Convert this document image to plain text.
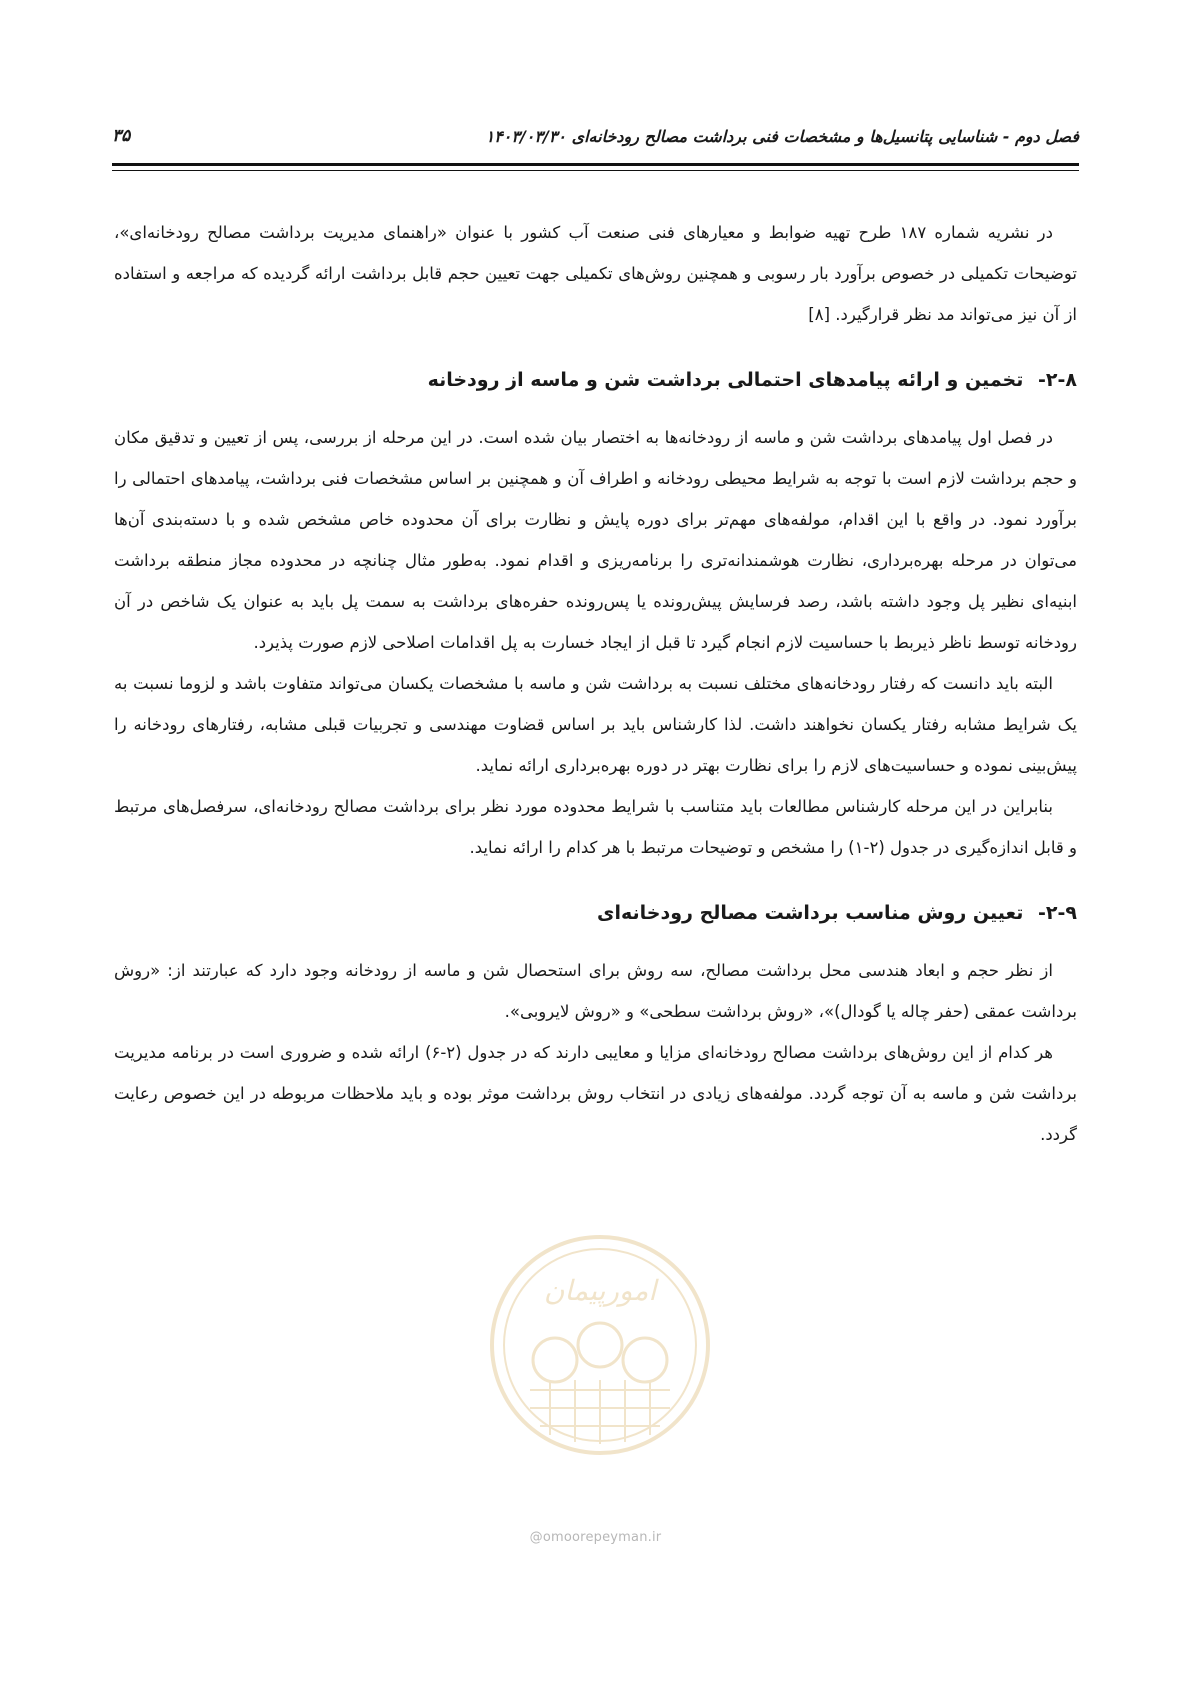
فصل دوم - شناسایی پتانسیل‌ها و مشخصات فنی برداشت مصالح رودخانه‌ای ۱۴۰۳/۰۳/۳۰
۳۵

در نشریه شماره ۱۸۷ طرح تهیه ضوابط و معیارهای فنی صنعت آب کشور با عنوان «راهنمای مدیریت برداشت مصالح رودخانه‌ای»، توضیحات تکمیلی در خصوص برآورد بار رسوبی و همچنین روش‌های تکمیلی جهت تعیین حجم قابل برداشت ارائه گردیده که مراجعه و استفاده از آن نیز می‌تواند مد نظر قرارگیرد. [۸]

۲-۸- تخمین و ارائه پیامدهای احتمالی برداشت شن و ماسه از رودخانه

در فصل اول پیامدهای برداشت شن و ماسه از رودخانه‌ها به اختصار بیان شده است. در این مرحله از بررسی، پس از تعیین و تدقیق مکان و حجم برداشت لازم است با توجه به شرایط محیطی رودخانه و اطراف آن و همچنین بر اساس مشخصات فنی برداشت، پیامدهای احتمالی را برآورد نمود. در واقع با این اقدام، مولفه‌های مهم‌تر برای دوره پایش و نظارت برای آن محدوده خاص مشخص شده و با دسته‌بندی آن‌ها می‌توان در مرحله بهره‌برداری، نظارت هوشمندانه‌تری را برنامه‌ریزی و اقدام نمود. به‌طور مثال چنانچه در محدوده مجاز منطقه برداشت ابنیه‌ای نظیر پل وجود داشته باشد، رصد فرسایش پیش‌رونده یا پس‌رونده حفره‌های برداشت به سمت پل باید به عنوان یک شاخص در آن رودخانه توسط ناظر ذیربط با حساسیت لازم انجام گیرد تا قبل از ایجاد خسارت به پل اقدامات اصلاحی لازم صورت پذیرد.

البته باید دانست که رفتار رودخانه‌های مختلف نسبت به برداشت شن و ماسه با مشخصات یکسان می‌تواند متفاوت باشد و لزوما نسبت به یک شرایط مشابه رفتار یکسان نخواهند داشت. لذا کارشناس باید بر اساس قضاوت مهندسی و تجربیات قبلی مشابه، رفتارهای رودخانه را پیش‌بینی نموده و حساسیت‌های لازم را برای نظارت بهتر در دوره بهره‌برداری ارائه نماید.

بنابراین در این مرحله کارشناس مطالعات باید متناسب با شرایط محدوده مورد نظر برای برداشت مصالح رودخانه‌ای، سرفصل‌های مرتبط و قابل اندازه‌گیری در جدول (۲-۱) را مشخص و توضیحات مرتبط با هر کدام را ارائه نماید.

۲-۹- تعیین روش مناسب برداشت مصالح رودخانه‌ای

از نظر حجم و ابعاد هندسی محل برداشت مصالح، سه روش برای استحصال شن و ماسه از رودخانه وجود دارد که عبارتند از: «روش برداشت عمقی (حفر چاله یا گودال)»، «روش برداشت سطحی» و «روش لایروبی».

هر کدام از این روش‌های برداشت مصالح رودخانه‌ای مزایا و معایبی دارند که در جدول (۲-۶) ارائه شده و ضروری است در برنامه مدیریت برداشت شن و ماسه به آن توجه گردد. مولفه‌های زیادی در انتخاب روش برداشت موثر بوده و باید ملاحظات مربوطه در این خصوص رعایت گردد.

امورپیمان
@omoorepeyman.ir
